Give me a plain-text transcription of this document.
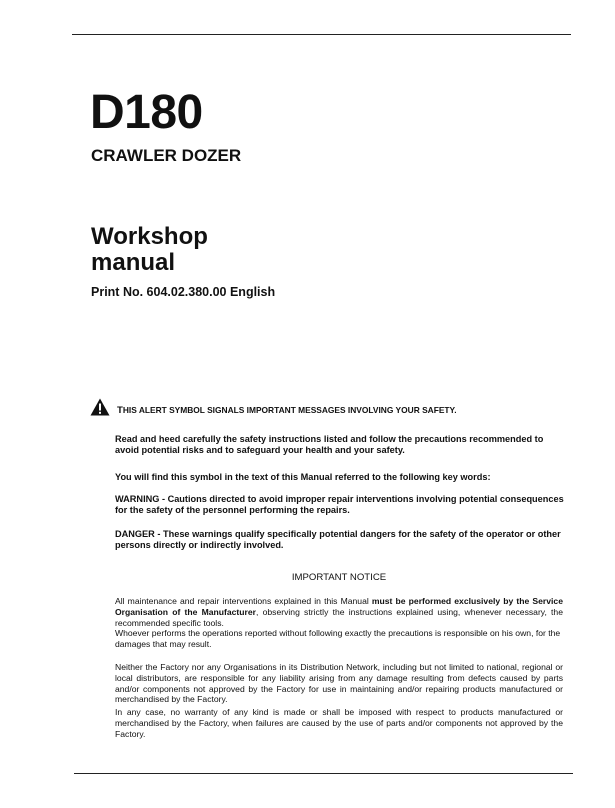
D180
CRAWLER DOZER
Workshop manual
Print No. 604.02.380.00 English
THIS ALERT SYMBOL SIGNALS IMPORTANT MESSAGES INVOLVING YOUR SAFETY.
Read and heed carefully the safety instructions listed and follow the precautions recommended to avoid potential risks and to safeguard your health and your safety.
You will find this symbol in the text of this Manual referred to the following key words:
WARNING - Cautions directed to avoid improper repair interventions involving potential consequences for the safety of the personnel performing the repairs.
DANGER - These warnings qualify specifically potential dangers for the safety of the operator or other persons directly or indirectly involved.
IMPORTANT NOTICE
All maintenance and repair interventions explained in this Manual must be performed exclusively by the Service Organisation of the Manufacturer, observing strictly the instructions explained using, whenever necessary, the recommended specific tools.
Whoever performs the operations reported without following exactly the precautions is responsible on his own, for the damages that may result.
Neither the Factory nor any Organisations in its Distribution Network, including but not limited to national, regional or local distributors, are responsible for any liability arising from any damage resulting from defects caused by parts and/or components not approved by the Factory for use in maintaining and/or repairing products manufactured or merchandised by the Factory.
In any case, no warranty of any kind is made or shall be imposed with respect to products manufactured or merchandised by the Factory, when failures are caused by the use of parts and/or components not approved by the Factory.
